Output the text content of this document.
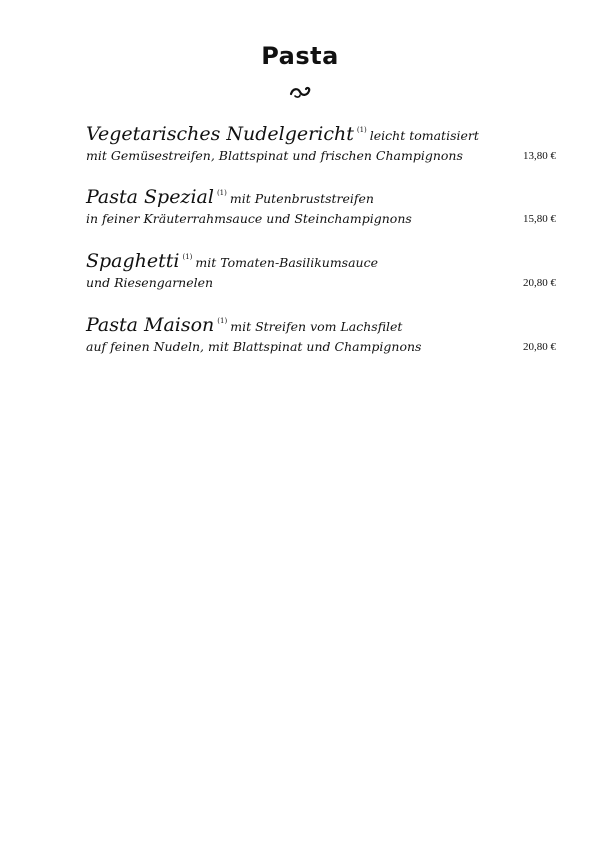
Pasta
Vegetarisches Nudelgericht $^{(1)}$ leicht tomatisiert
mit Gemüsestreifen, Blattspinat und frischen Champignons	13,80 €
Pasta Spezial $^{(1)}$ mit Putenbruststreifen
in feiner Kräuterrahmsauce und Steinchampignons	15,80 €
Spaghetti $^{(1)}$ mit Tomaten-Basilikumsauce
und Riesengarnelen	20,80 €
Pasta Maison $^{(1)}$ mit Streifen vom Lachsfilet
auf feinen Nudeln, mit Blattspinat und Champignons	20,80 €
